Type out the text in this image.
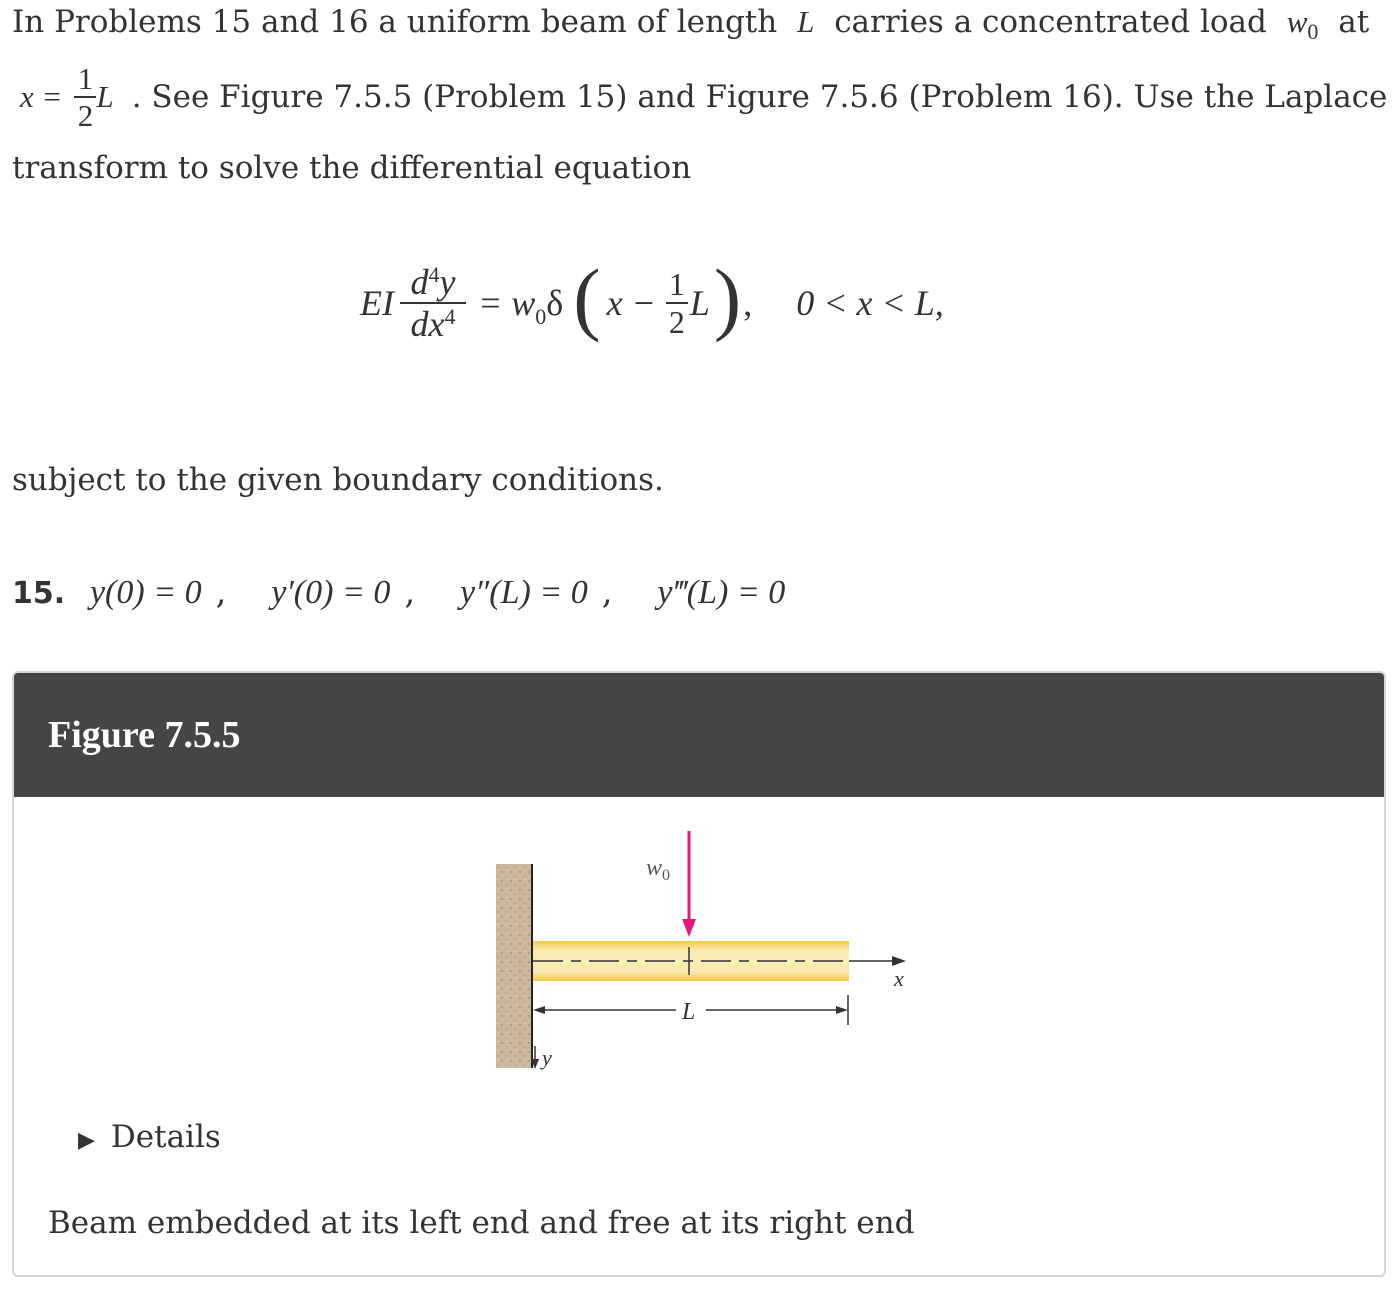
In Problems 15 and 16 a uniform beam of length L carries a concentrated load $w_0$ at
$x = \frac{1}{2}$ L . See Figure 7.5.5 (Problem 15) and Figure 7.5.6 (Problem 16). Use the Laplace
transform to solve the differential equation
EI $\frac{d 4 y}{dx 4} = w_0$ δ ( $x - \frac{1}{2}$ L ) , 0 < x < L,
subject to the given boundary conditions.
15. y(0) = 0 , y′(0) = 0 , y″(L) = 0 , y‴(L) = 0
Figure 7.5.5
x
$w_0$
L
y
▶ Details
Beam embedded at its left end and free at its right end
